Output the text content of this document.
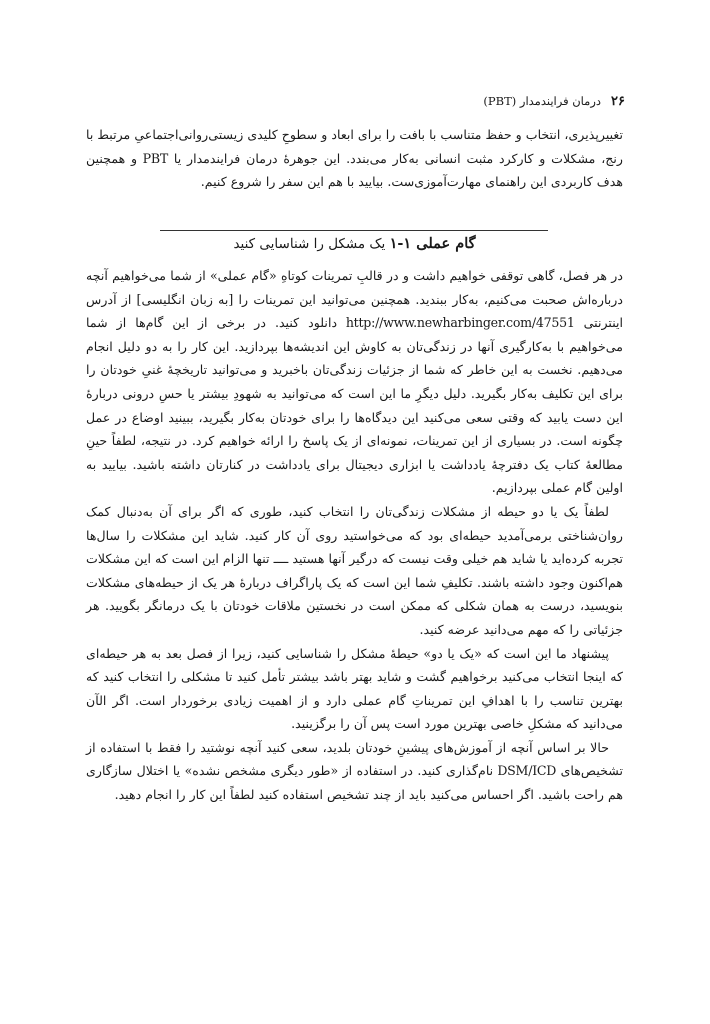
۲۶
درمان فرایندمدار (PBT)

تغییرپذیری، انتخاب و حفظ متناسب با بافت را برای ابعاد و سطوحِ کلیدی زیستی‌روانی‌اجتماعیِ مرتبط با رنج، مشکلات و کارکرد مثبت انسانی به‌کار می‌بندد. این جوهرهٔ درمان فرایندمدار یا PBT و همچنین هدف کاربردی این راهنمای مهارت‌آموزی‌ست. بیایید با هم این سفر را شروع کنیم.

گام عملی ۱-۱ یک مشکل را شناسایی کنید

در هر فصل، گاهی توقفی خواهیم داشت و در قالبِ تمرینات کوتاهِ «گام عملی» از شما می‌خواهیم آنچه درباره‌اش صحبت می‌کنیم، به‌کار ببندید. همچنین می‌توانید این تمرینات را [به زبان انگلیسی] از آدرس اینترنتی http://www.newharbinger.com/47551 دانلود کنید. در برخی از این گام‌ها از شما می‌خواهیم با به‌کارگیری آنها در زندگی‌تان به کاوش این اندیشه‌ها بپردازید. این کار را به دو دلیل انجام می‌دهیم. نخست به این خاطر که شما از جزئیات زندگی‌تان باخبرید و می‌توانید تاریخچهٔ غنیِ خودتان را برای این تکلیف به‌کار بگیرید. دلیل دیگرِ ما این است که می‌توانید به شهودِ بیشتر یا حسِ درونی دربارهٔ این دست یابید که وقتی سعی می‌کنید این دیدگاه‌ها را برای خودتان به‌کار بگیرید، ببینید اوضاع در عمل چگونه است. در بسیاری از این تمرینات، نمونه‌ای از یک پاسخ را ارائه خواهیم کرد. در نتیجه، لطفاً حینِ مطالعهٔ کتاب یک دفترچهٔ یادداشت یا ابزاری دیجیتال برای یادداشت در کنارتان داشته باشید. بیایید به اولین گام عملی بپردازیم.

لطفاً یک یا دو حیطه از مشکلات زندگی‌تان را انتخاب کنید، طوری که اگر برای آن به‌دنبال کمک روان‌شناختی برمی‌آمدید حیطه‌ای بود که می‌خواستید روی آن کار کنید. شاید این مشکلات را سال‌ها تجربه کرده‌اید یا شاید هم خیلی وقت نیست که درگیر آنها هستید ــــ تنها الزام این است که این مشکلات هم‌اکنون وجود داشته باشند. تکلیفِ شما این است که یک پاراگراف دربارهٔ هر یک از حیطه‌های مشکلات بنویسید، درست به همان شکلی که ممکن است در نخستین ملاقات خودتان با یک درمانگر بگویید. هر جزئیاتی را که مهم می‌دانید عرضه کنید.

پیشنهاد ما این است که «یک یا دو» حیطهٔ مشکل را شناسایی کنید، زیرا از فصل بعد به هر حیطه‌ای که اینجا انتخاب می‌کنید برخواهیم گشت و شاید بهتر باشد بیشتر تأمل کنید تا مشکلی را انتخاب کنید که بهترین تناسب را با اهدافِ این تمریناتِ گام عملی دارد و از اهمیت زیادی برخوردار است. اگر الآن می‌دانید که مشکلِ خاصی بهترین مورد است پس آن را برگزینید.

حالا بر اساس آنچه از آموزش‌های پیشینِ خودتان بلدید، سعی کنید آنچه نوشتید را فقط با استفاده از تشخیص‌های DSM/ICD نام‌گذاری کنید. در استفاده از «طور دیگری مشخص نشده» یا اختلال سازگاری هم راحت باشید. اگر احساس می‌کنید باید از چند تشخیص استفاده کنید لطفاً این کار را انجام دهید.
